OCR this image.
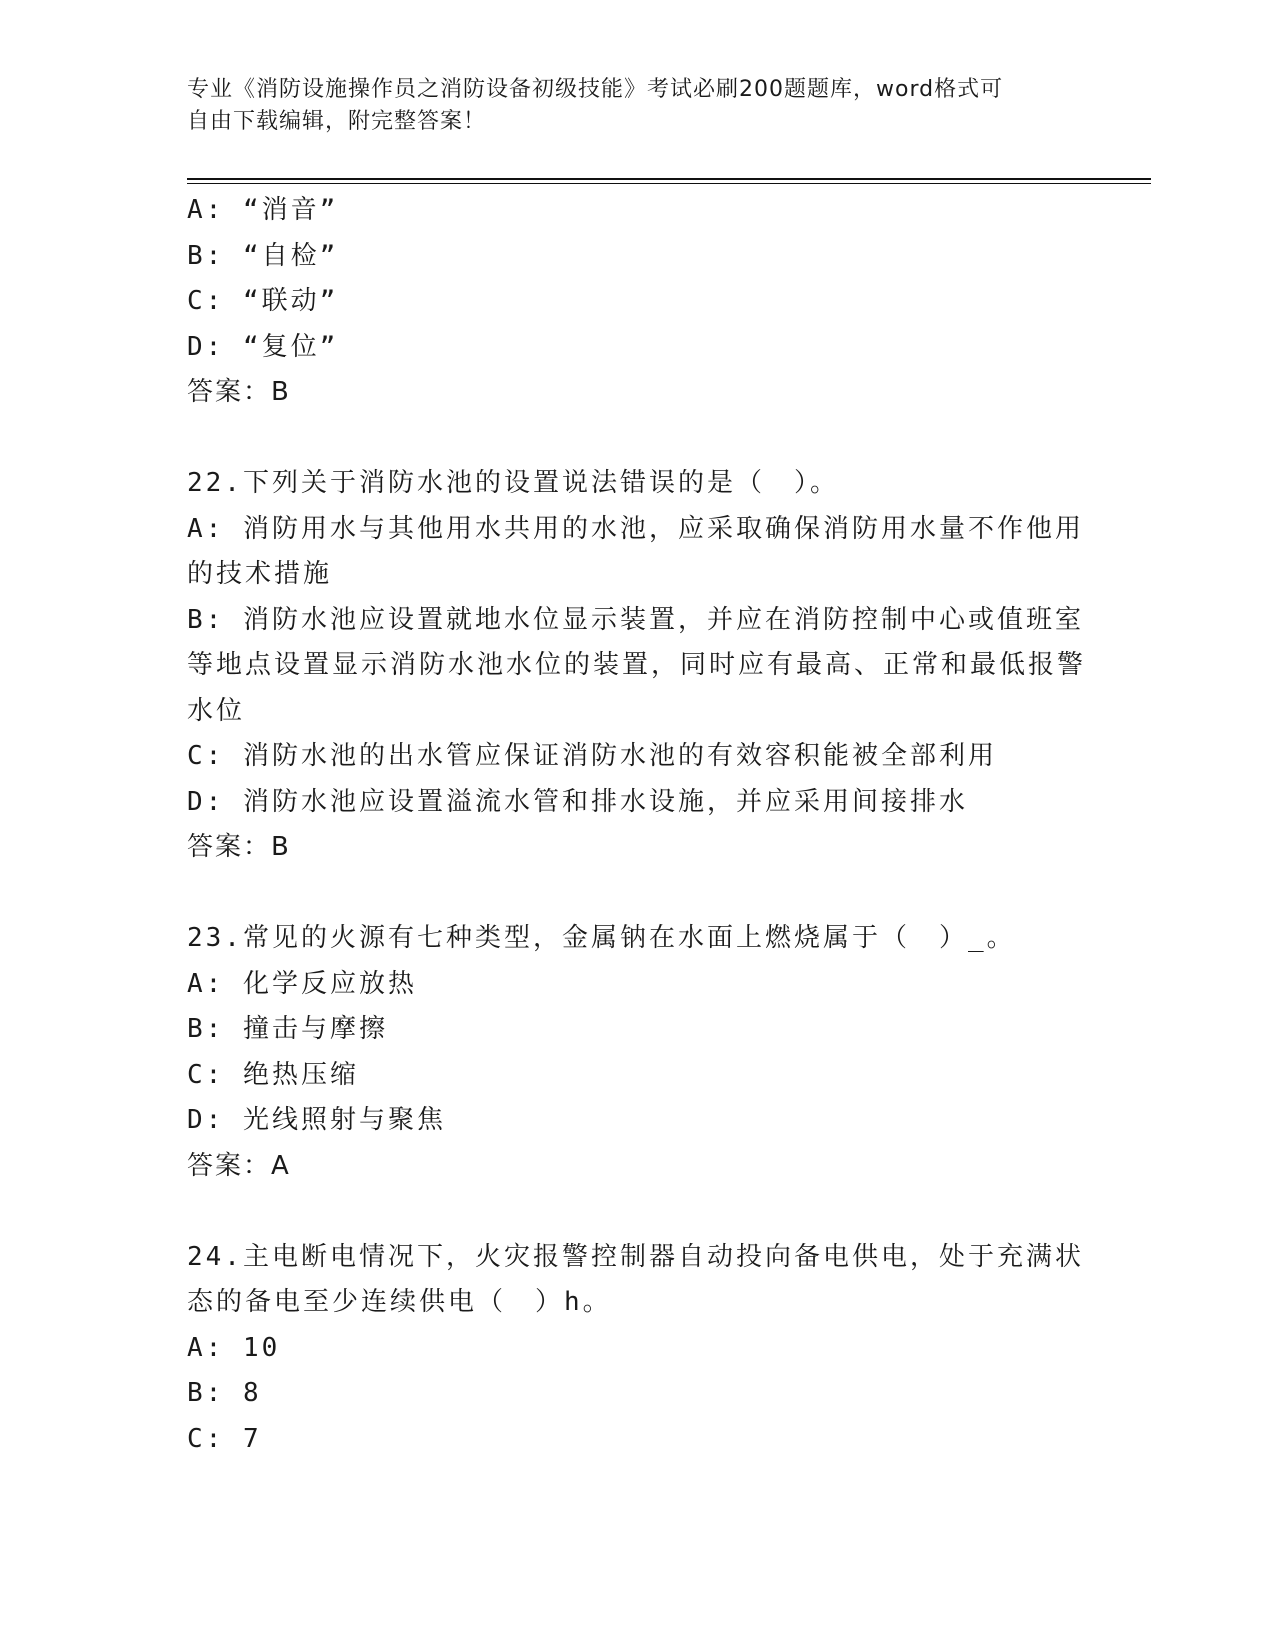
专业《消防设施操作员之消防设备初级技能》考试必刷200题题库，word格式可
自由下载编辑，附完整答案！
A: “消音”
B: “自检”
C: “联动”
D: “复位”
答案：B
22.下列关于消防水池的设置说法错误的是（　）。
A: 消防用水与其他用水共用的水池，应采取确保消防用水量不作他用的技术措施
B: 消防水池应设置就地水位显示装置，并应在消防控制中心或值班室等地点设置显示消防水池水位的装置，同时应有最高、正常和最低报警水位
C: 消防水池的出水管应保证消防水池的有效容积能被全部利用
D: 消防水池应设置溢流水管和排水设施，并应采用间接排水
答案：B
23.常见的火源有七种类型，金属钠在水面上燃烧属于（　）_。
A: 化学反应放热
B: 撞击与摩擦
C: 绝热压缩
D: 光线照射与聚焦
答案：A
24.主电断电情况下，火灾报警控制器自动投向备电供电，处于充满状态的备电至少连续供电（　）h。
A: 10
B: 8
C: 7
